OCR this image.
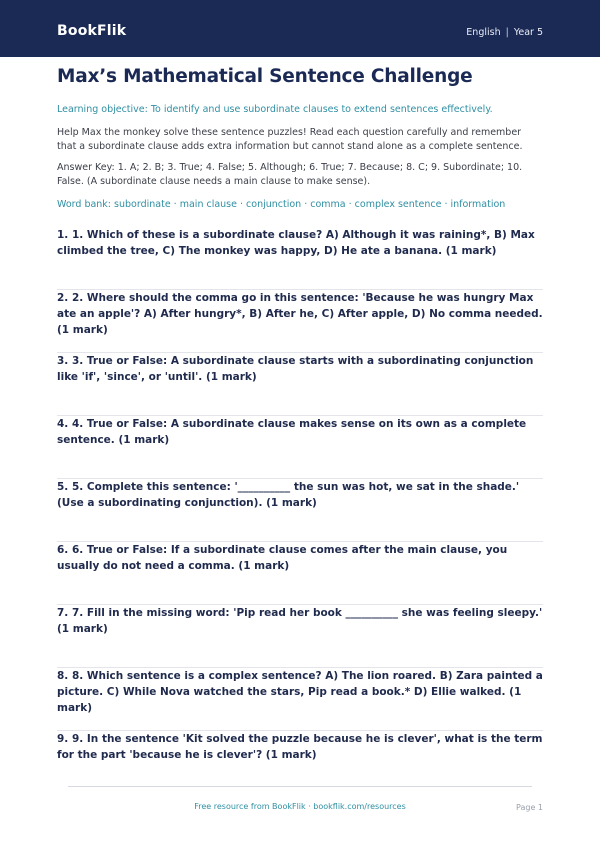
BookFlik	English | Year 5
Max’s Mathematical Sentence Challenge

Learning objective: To identify and use subordinate clauses to extend sentences effectively.

Help Max the monkey solve these sentence puzzles! Read each question carefully and remember that a subordinate clause adds extra information but cannot stand alone as a complete sentence.

Answer Key: 1. A; 2. B; 3. True; 4. False; 5. Although; 6. True; 7. Because; 8. C; 9. Subordinate; 10. False. (A subordinate clause needs a main clause to make sense).

Word bank: subordinate · main clause · conjunction · comma · complex sentence · information

1. 1. Which of these is a subordinate clause? A) Although it was raining*, B) Max climbed the tree, C) The monkey was happy, D) He ate a banana. (1 mark)

2. 2. Where should the comma go in this sentence: 'Because he was hungry Max ate an apple'? A) After hungry*, B) After he, C) After apple, D) No comma needed. (1 mark)

3. 3. True or False: A subordinate clause starts with a subordinating conjunction like 'if', 'since', or 'until'. (1 mark)

4. 4. True or False: A subordinate clause makes sense on its own as a complete sentence. (1 mark)

5. 5. Complete this sentence: '__________ the sun was hot, we sat in the shade.' (Use a subordinating conjunction). (1 mark)

6. 6. True or False: If a subordinate clause comes after the main clause, you usually do not need a comma. (1 mark)

7. 7. Fill in the missing word: 'Pip read her book __________ she was feeling sleepy.' (1 mark)

8. 8. Which sentence is a complex sentence? A) The lion roared. B) Zara painted a picture. C) While Nova watched the stars, Pip read a book.* D) Ellie walked. (1 mark)

9. 9. In the sentence 'Kit solved the puzzle because he is clever', what is the term for the part 'because he is clever'? (1 mark)

Free resource from BookFlik · bookflik.com/resources	Page 1
